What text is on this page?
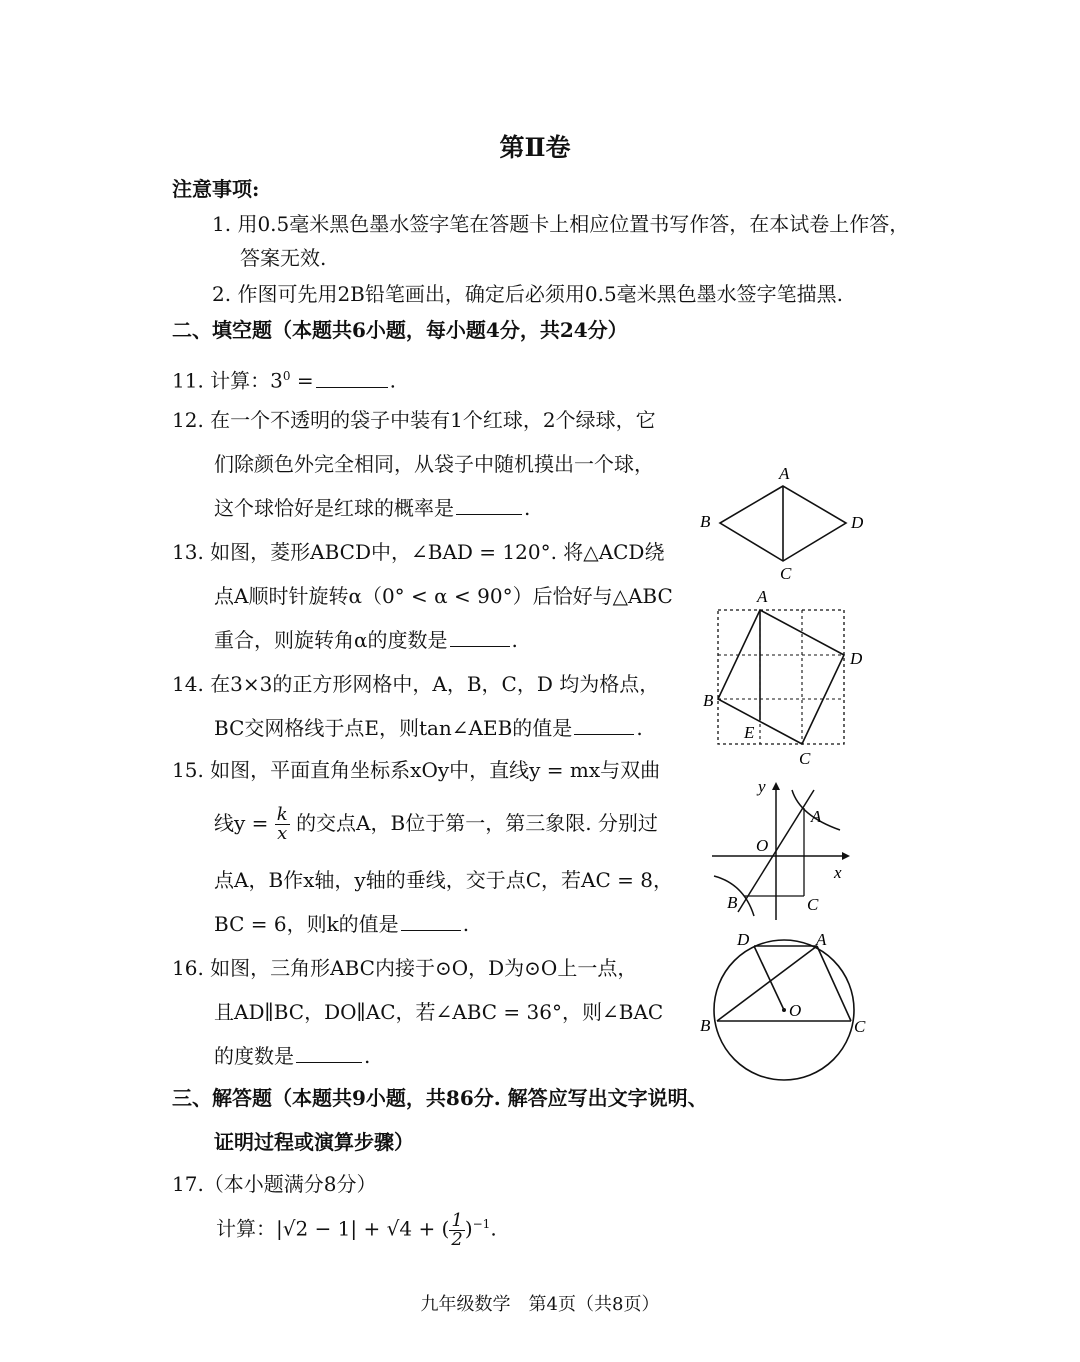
第Ⅱ卷
注意事项:
1. 用0.5毫米黑色墨水签字笔在答题卡上相应位置书写作答，在本试卷上作答，
答案无效.
2. 作图可先用2B铅笔画出，确定后必须用0.5毫米黑色墨水签字笔描黑.
二、填空题（本题共6小题，每小题4分，共24分）
11. 计算：$3^0$ =	.
12. 在一个不透明的袋子中装有1个红球，2个绿球，它
们除颜色外完全相同，从袋子中随机摸出一个球，
这个球恰好是红球的概率是	.
13. 如图，菱形ABCD中，∠BAD = 120°. 将△ACD绕
点A顺时针旋转α（0° < α < 90°）后恰好与△ABC
重合，则旋转角α的度数是	.
14. 在3×3的正方形网格中，A，B，C，D 均为格点，
BC交网格线于点E，则tan∠AEB的值是	.
15. 如图，平面直角坐标系xOy中，直线y = mx与双曲
线$y = \frac{k}{x}$ 的交点A，B位于第一，第三象限. 分别过
点A，B作x轴，y轴的垂线，交于点C，若AC = 8，
BC = 6，则k的值是	.
16. 如图，三角形ABC内接于⊙O，D为⊙O上一点，
且AD∥BC，DO∥AC，若∠ABC = 36°，则∠BAC
的度数是	.
三、解答题（本题共9小题，共86分. 解答应写出文字说明、
证明过程或演算步骤）
17.（本小题满分8分）
计算：|√2 − 1| + √4 + ( $\frac{1}{2} )^{-1}$.
A
B
C
D
A
B
C
D
E
y
x
O
A
B	C
D	A
B	C
O
九年级数学　第4页（共8页）
